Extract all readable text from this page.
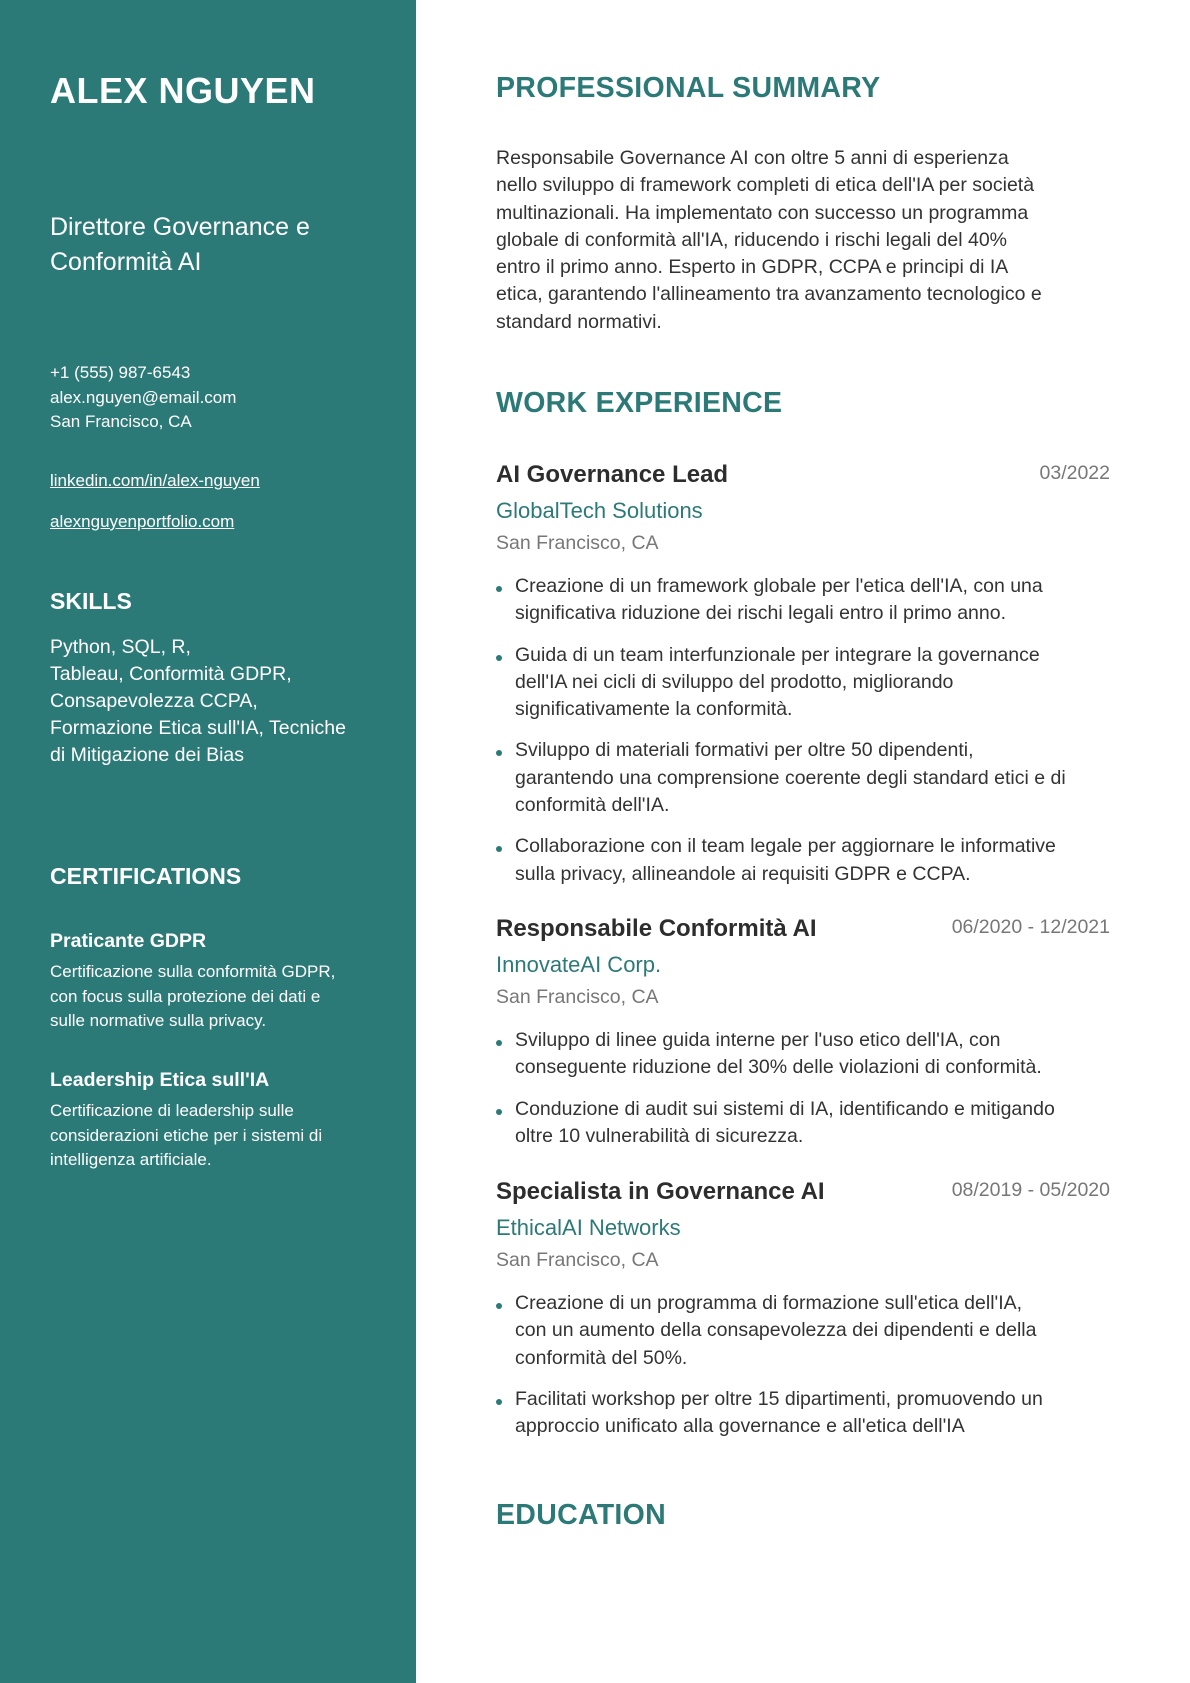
ALEX NGUYEN
Direttore Governance e
Conformità AI
+1 (555) 987-6543
alex.nguyen@email.com
San Francisco, CA
linkedin.com/in/alex-nguyen
alexnguyenportfolio.com
SKILLS
Python, SQL, R,
Tableau, Conformità GDPR,
Consapevolezza CCPA,
Formazione Etica sull'IA, Tecniche
di Mitigazione dei Bias
CERTIFICATIONS
Praticante GDPR
Certificazione sulla conformità GDPR,
con focus sulla protezione dei dati e
sulle normative sulla privacy.
Leadership Etica sull'IA
Certificazione di leadership sulle
considerazioni etiche per i sistemi di
intelligenza artificiale.
PROFESSIONAL SUMMARY
Responsabile Governance AI con oltre 5 anni di esperienza
nello sviluppo di framework completi di etica dell'IA per società
multinazionali. Ha implementato con successo un programma
globale di conformità all'IA, riducendo i rischi legali del 40%
entro il primo anno. Esperto in GDPR, CCPA e principi di IA
etica, garantendo l'allineamento tra avanzamento tecnologico e
standard normativi.
WORK EXPERIENCE
AI Governance Lead	03/2022
GlobalTech Solutions
San Francisco, CA
Creazione di un framework globale per l'etica dell'IA, con una
significativa riduzione dei rischi legali entro il primo anno.
Guida di un team interfunzionale per integrare la governance
dell'IA nei cicli di sviluppo del prodotto, migliorando
significativamente la conformità.
Sviluppo di materiali formativi per oltre 50 dipendenti,
garantendo una comprensione coerente degli standard etici e di
conformità dell'IA.
Collaborazione con il team legale per aggiornare le informative
sulla privacy, allineandole ai requisiti GDPR e CCPA.
Responsabile Conformità AI	06/2020 - 12/2021
InnovateAI Corp.
San Francisco, CA
Sviluppo di linee guida interne per l'uso etico dell'IA, con
conseguente riduzione del 30% delle violazioni di conformità.
Conduzione di audit sui sistemi di IA, identificando e mitigando
oltre 10 vulnerabilità di sicurezza.
Specialista in Governance AI	08/2019 - 05/2020
EthicalAI Networks
San Francisco, CA
Creazione di un programma di formazione sull'etica dell'IA,
con un aumento della consapevolezza dei dipendenti e della
conformità del 50%.
Facilitati workshop per oltre 15 dipartimenti, promuovendo un
approccio unificato alla governance e all'etica dell'IA
EDUCATION
